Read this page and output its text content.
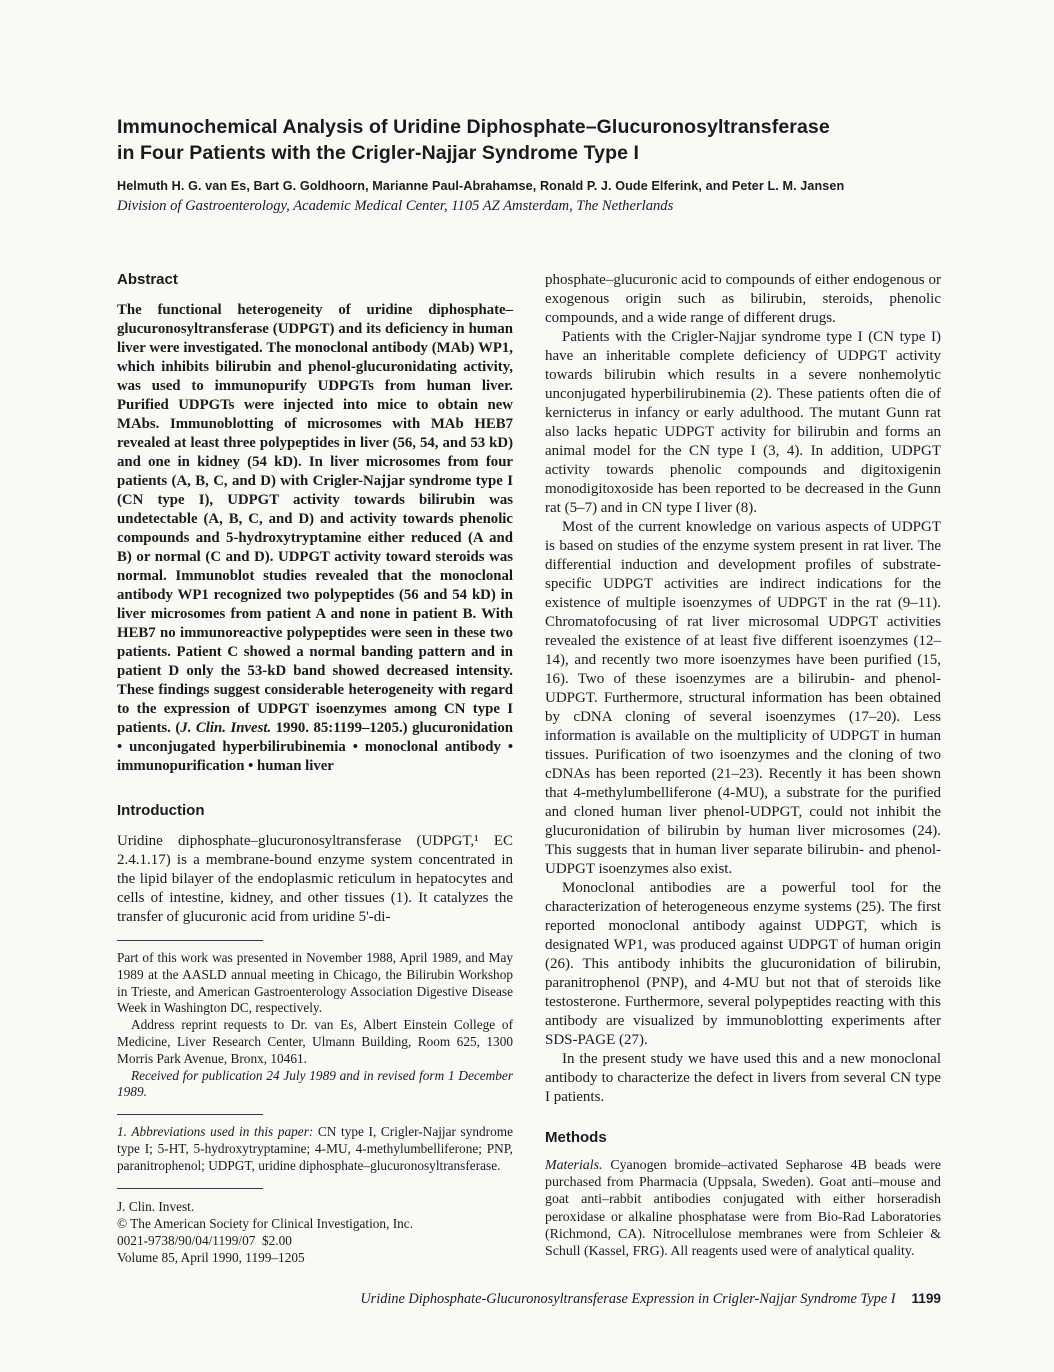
Immunochemical Analysis of Uridine Diphosphate–Glucuronosyltransferase
in Four Patients with the Crigler-Najjar Syndrome Type I

Helmuth H. G. van Es, Bart G. Goldhoorn, Marianne Paul-Abrahamse, Ronald P. J. Oude Elferink, and Peter L. M. Jansen

Division of Gastroenterology, Academic Medical Center, 1105 AZ Amsterdam, The Netherlands

Abstract

The functional heterogeneity of uridine diphosphate–glucuronosyltransferase (UDPGT) and its deficiency in human liver were investigated. The monoclonal antibody (MAb) WP1, which inhibits bilirubin and phenol-glucuronidating activity, was used to immunopurify UDPGTs from human liver. Purified UDPGTs were injected into mice to obtain new MAbs. Immunoblotting of microsomes with MAb HEB7 revealed at least three polypeptides in liver (56, 54, and 53 kD) and one in kidney (54 kD). In liver microsomes from four patients (A, B, C, and D) with Crigler-Najjar syndrome type I (CN type I), UDPGT activity towards bilirubin was undetectable (A, B, C, and D) and activity towards phenolic compounds and 5-hydroxytryptamine either reduced (A and B) or normal (C and D). UDPGT activity toward steroids was normal. Immunoblot studies revealed that the monoclonal antibody WP1 recognized two polypeptides (56 and 54 kD) in liver microsomes from patient A and none in patient B. With HEB7 no immunoreactive polypeptides were seen in these two patients. Patient C showed a normal banding pattern and in patient D only the 53-kD band showed decreased intensity. These findings suggest considerable heterogeneity with regard to the expression of UDPGT isoenzymes among CN type I patients. (J. Clin. Invest. 1990. 85:1199–1205.) glucuronidation • unconjugated hyperbilirubinemia • monoclonal antibody • immunopurification • human liver

Introduction

Uridine diphosphate–glucuronosyltransferase (UDPGT,¹ EC 2.4.1.17) is a membrane-bound enzyme system concentrated in the lipid bilayer of the endoplasmic reticulum in hepatocytes and cells of intestine, kidney, and other tissues (1). It catalyzes the transfer of glucuronic acid from uridine 5'-di-

Part of this work was presented in November 1988, April 1989, and May 1989 at the AASLD annual meeting in Chicago, the Bilirubin Workshop in Trieste, and American Gastroenterology Association Digestive Disease Week in Washington DC, respectively.

Address reprint requests to Dr. van Es, Albert Einstein College of Medicine, Liver Research Center, Ulmann Building, Room 625, 1300 Morris Park Avenue, Bronx, 10461.

Received for publication 24 July 1989 and in revised form 1 December 1989.

1. Abbreviations used in this paper: CN type I, Crigler-Najjar syndrome type I; 5-HT, 5-hydroxytryptamine; 4-MU, 4-methylumbelliferone; PNP, paranitrophenol; UDPGT, uridine diphosphate–glucuronosyltransferase.

J. Clin. Invest.

© The American Society for Clinical Investigation, Inc.

0021-9738/90/04/1199/07  $2.00

Volume 85, April 1990, 1199–1205

phosphate–glucuronic acid to compounds of either endogenous or exogenous origin such as bilirubin, steroids, phenolic compounds, and a wide range of different drugs.

Patients with the Crigler-Najjar syndrome type I (CN type I) have an inheritable complete deficiency of UDPGT activity towards bilirubin which results in a severe nonhemolytic unconjugated hyperbilirubinemia (2). These patients often die of kernicterus in infancy or early adulthood. The mutant Gunn rat also lacks hepatic UDPGT activity for bilirubin and forms an animal model for the CN type I (3, 4). In addition, UDPGT activity towards phenolic compounds and digitoxigenin monodigitoxoside has been reported to be decreased in the Gunn rat (5–7) and in CN type I liver (8).

Most of the current knowledge on various aspects of UDPGT is based on studies of the enzyme system present in rat liver. The differential induction and development profiles of substrate-specific UDPGT activities are indirect indications for the existence of multiple isoenzymes of UDPGT in the rat (9–11). Chromatofocusing of rat liver microsomal UDPGT activities revealed the existence of at least five different isoenzymes (12–14), and recently two more isoenzymes have been purified (15, 16). Two of these isoenzymes are a bilirubin- and phenol-UDPGT. Furthermore, structural information has been obtained by cDNA cloning of several isoenzymes (17–20). Less information is available on the multiplicity of UDPGT in human tissues. Purification of two isoenzymes and the cloning of two cDNAs has been reported (21–23). Recently it has been shown that 4-methylumbelliferone (4-MU), a substrate for the purified and cloned human liver phenol-UDPGT, could not inhibit the glucuronidation of bilirubin by human liver microsomes (24). This suggests that in human liver separate bilirubin- and phenol-UDPGT isoenzymes also exist.

Monoclonal antibodies are a powerful tool for the characterization of heterogeneous enzyme systems (25). The first reported monoclonal antibody against UDPGT, which is designated WP1, was produced against UDPGT of human origin (26). This antibody inhibits the glucuronidation of bilirubin, paranitrophenol (PNP), and 4-MU but not that of steroids like testosterone. Furthermore, several polypeptides reacting with this antibody are visualized by immunoblotting experiments after SDS-PAGE (27).

In the present study we have used this and a new monoclonal antibody to characterize the defect in livers from several CN type I patients.

Methods

Materials. Cyanogen bromide–activated Sepharose 4B beads were purchased from Pharmacia (Uppsala, Sweden). Goat anti–mouse and goat anti–rabbit antibodies conjugated with either horseradish peroxidase or alkaline phosphatase were from Bio-Rad Laboratories (Richmond, CA). Nitrocellulose membranes were from Schleier & Schull (Kassel, FRG). All reagents used were of analytical quality.

Uridine Diphosphate-Glucuronosyltransferase Expression in Crigler-Najjar Syndrome Type I 1199
